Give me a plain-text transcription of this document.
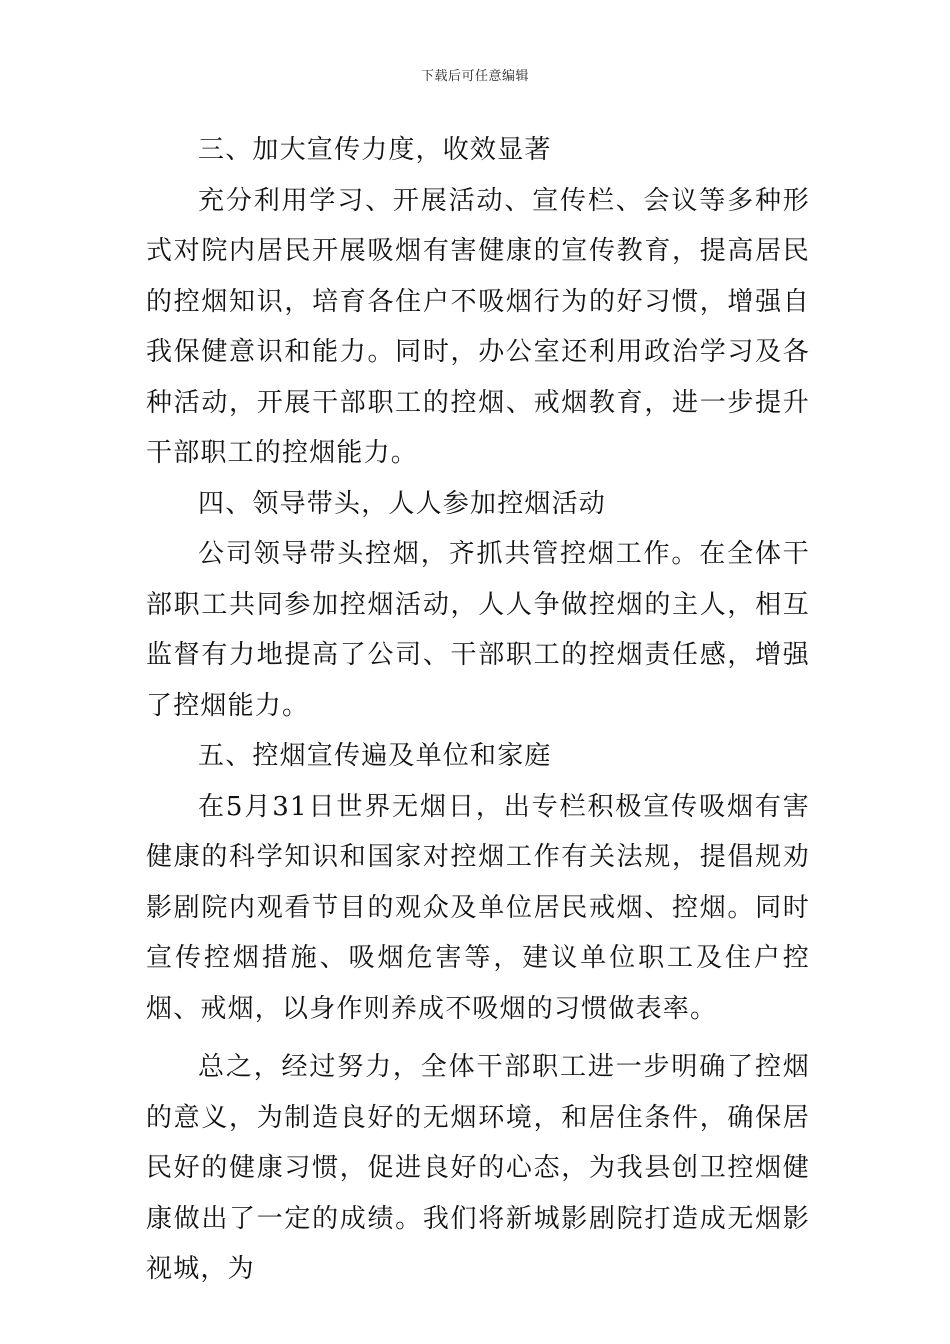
下载后可任意编辑

三、加大宣传力度，收效显著

充分利用学习、开展活动、宣传栏、会议等多种形式对院内居民开展吸烟有害健康的宣传教育，提高居民的控烟知识，培育各住户不吸烟行为的好习惯，增强自我保健意识和能力。同时，办公室还利用政治学习及各种活动，开展干部职工的控烟、戒烟教育，进一步提升干部职工的控烟能力。

四、领导带头，人人参加控烟活动

公司领导带头控烟，齐抓共管控烟工作。在全体干部职工共同参加控烟活动，人人争做控烟的主人，相互监督有力地提高了公司、干部职工的控烟责任感，增强了控烟能力。

五、控烟宣传遍及单位和家庭

在5月31日世界无烟日，出专栏积极宣传吸烟有害健康的科学知识和国家对控烟工作有关法规，提倡规劝影剧院内观看节目的观众及单位居民戒烟、控烟。同时宣传控烟措施、吸烟危害等，建议单位职工及住户控烟、戒烟，以身作则养成不吸烟的习惯做表率。

总之，经过努力，全体干部职工进一步明确了控烟的意义，为制造良好的无烟环境，和居住条件，确保居民好的健康习惯，促进良好的心态，为我县创卫控烟健康做出了一定的成绩。我们将新城影剧院打造成无烟影视城，为
